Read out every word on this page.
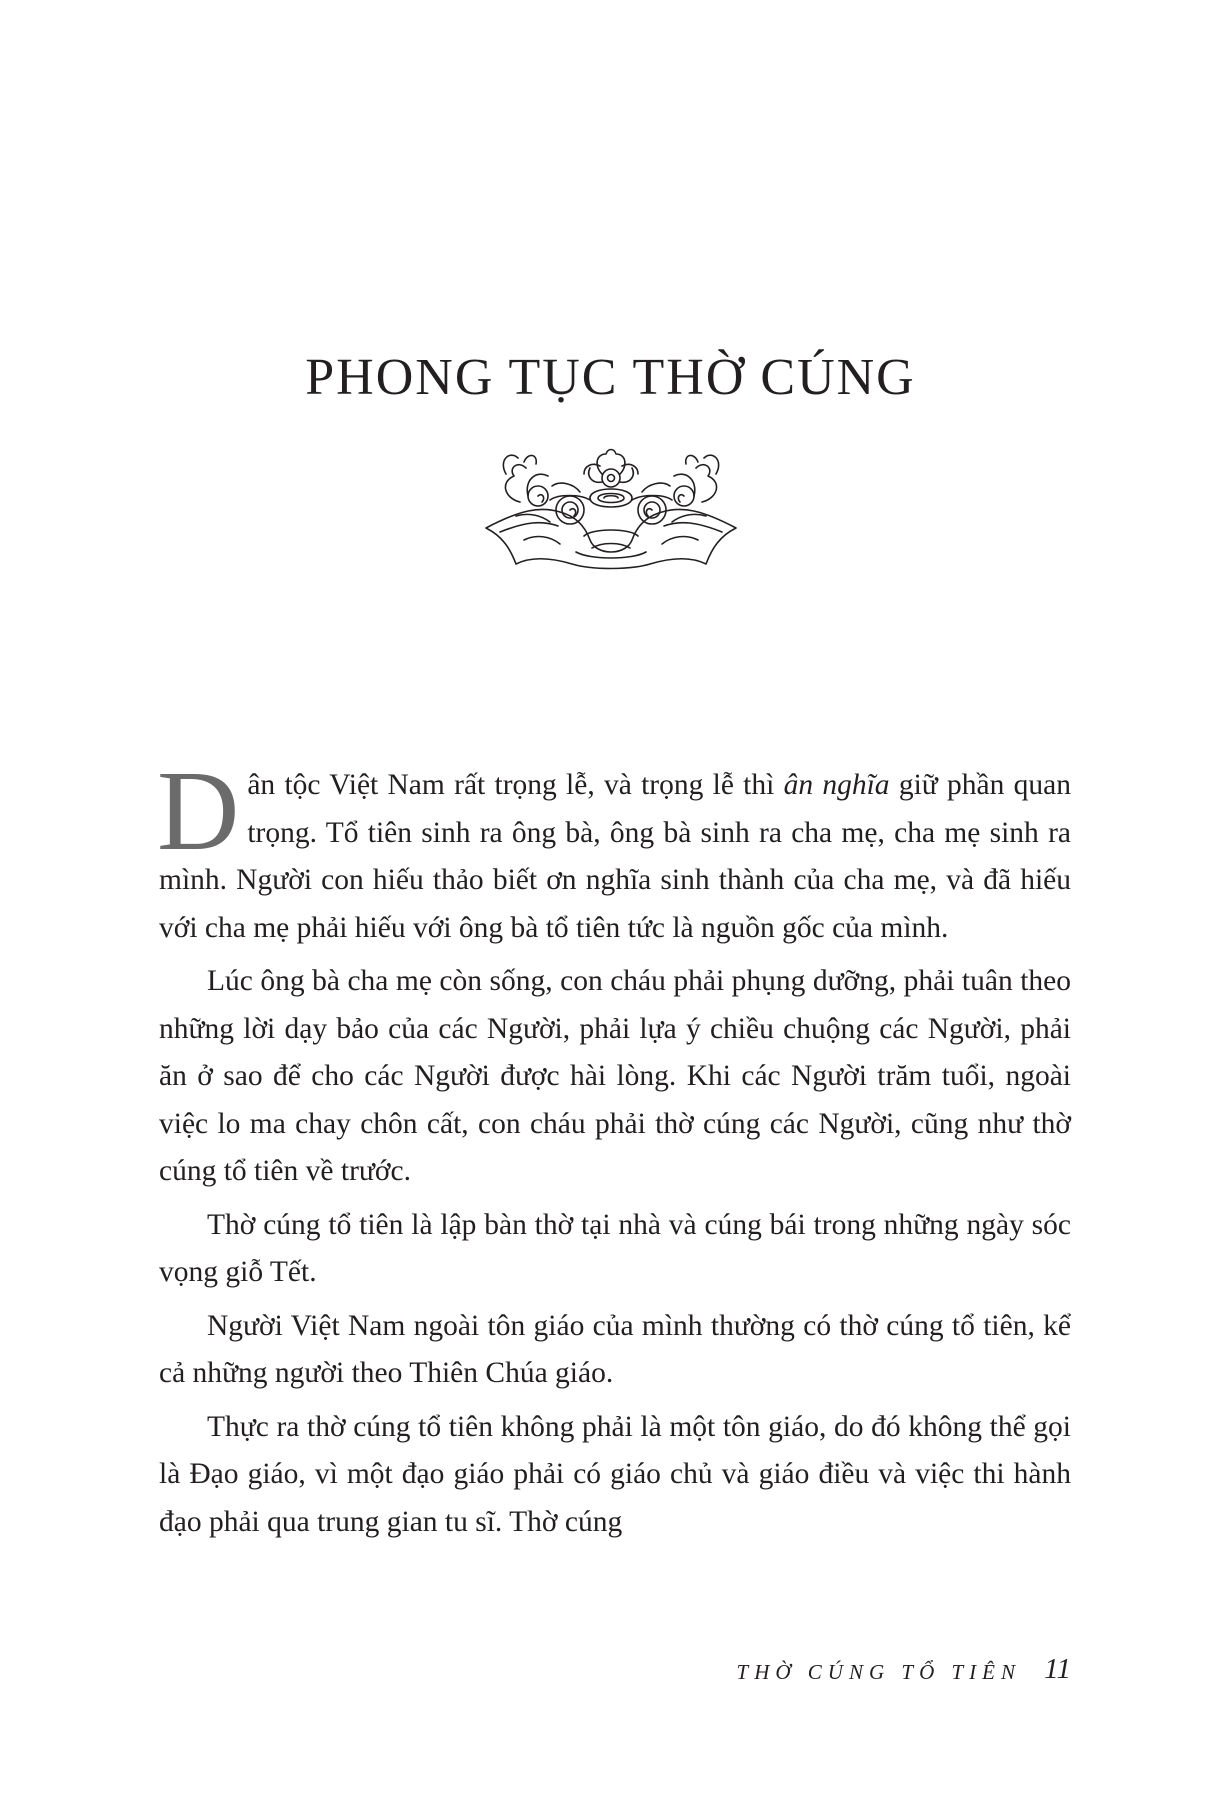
PHONG TỤC THỜ CÚNG

Dân tộc Việt Nam rất trọng lễ, và trọng lễ thì ân nghĩa giữ phần quan trọng. Tổ tiên sinh ra ông bà, ông bà sinh ra cha mẹ, cha mẹ sinh ra mình. Người con hiếu thảo biết ơn nghĩa sinh thành của cha mẹ, và đã hiếu với cha mẹ phải hiếu với ông bà tổ tiên tức là nguồn gốc của mình.

Lúc ông bà cha mẹ còn sống, con cháu phải phụng dưỡng, phải tuân theo những lời dạy bảo của các Người, phải lựa ý chiều chuộng các Người, phải ăn ở sao để cho các Người được hài lòng. Khi các Người trăm tuổi, ngoài việc lo ma chay chôn cất, con cháu phải thờ cúng các Người, cũng như thờ cúng tổ tiên về trước.

Thờ cúng tổ tiên là lập bàn thờ tại nhà và cúng bái trong những ngày sóc vọng giỗ Tết.

Người Việt Nam ngoài tôn giáo của mình thường có thờ cúng tổ tiên, kể cả những người theo Thiên Chúa giáo.

Thực ra thờ cúng tổ tiên không phải là một tôn giáo, do đó không thể gọi là Đạo giáo, vì một đạo giáo phải có giáo chủ và giáo điều và việc thi hành đạo phải qua trung gian tu sĩ. Thờ cúng

THỜ CÚNG TỔ TIÊN 11
